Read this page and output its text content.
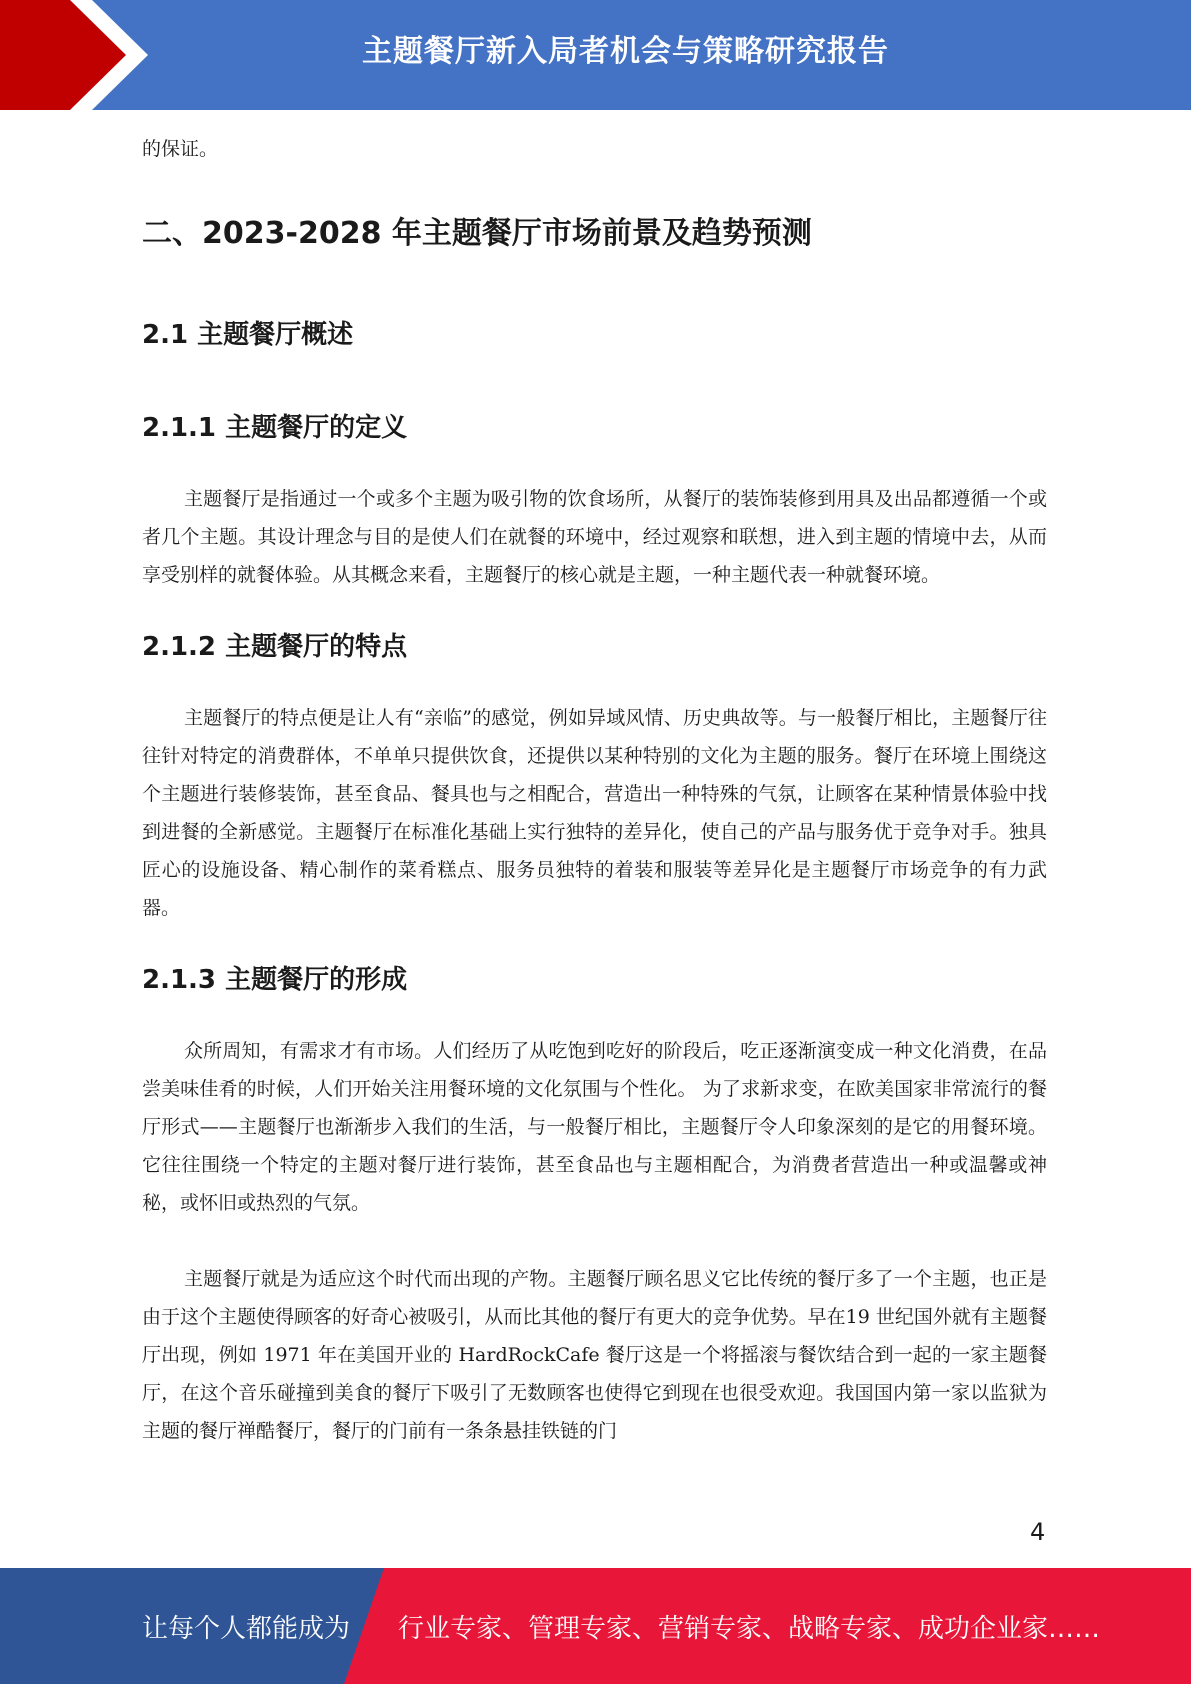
主题餐厅新入局者机会与策略研究报告

的保证。

二、2023-2028 年主题餐厅市场前景及趋势预测
2.1 主题餐厅概述
2.1.1 主题餐厅的定义

主题餐厅是指通过一个或多个主题为吸引物的饮食场所，从餐厅的装饰装修到用具及出品都遵循一个或者几个主题。其设计理念与目的是使人们在就餐的环境中，经过观察和联想，进入到主题的情境中去，从而享受别样的就餐体验。从其概念来看，主题餐厅的核心就是主题，一种主题代表一种就餐环境。

2.1.2 主题餐厅的特点

主题餐厅的特点便是让人有“亲临”的感觉，例如异域风情、历史典故等。与一般餐厅相比，主题餐厅往往针对特定的消费群体，不单单只提供饮食，还提供以某种特别的文化为主题的服务。餐厅在环境上围绕这个主题进行装修装饰，甚至食品、餐具也与之相配合，营造出一种特殊的气氛，让顾客在某种情景体验中找到进餐的全新感觉。主题餐厅在标准化基础上实行独特的差异化，使自己的产品与服务优于竞争对手。独具匠心的设施设备、精心制作的菜肴糕点、服务员独特的着装和服装等差异化是主题餐厅市场竞争的有力武器。

2.1.3 主题餐厅的形成

众所周知，有需求才有市场。人们经历了从吃饱到吃好的阶段后，吃正逐渐演变成一种文化消费，在品尝美味佳肴的时候，人们开始关注用餐环境的文化氛围与个性化。 为了求新求变，在欧美国家非常流行的餐厅形式——主题餐厅也渐渐步入我们的生活，与一般餐厅相比，主题餐厅令人印象深刻的是它的用餐环境。它往往围绕一个特定的主题对餐厅进行装饰，甚至食品也与主题相配合，为消费者营造出一种或温馨或神秘，或怀旧或热烈的气氛。

主题餐厅就是为适应这个时代而出现的产物。主题餐厅顾名思义它比传统的餐厅多了一个主题，也正是由于这个主题使得顾客的好奇心被吸引，从而比其他的餐厅有更大的竞争优势。早在19 世纪国外就有主题餐厅出现，例如 1971 年在美国开业的 HardRockCafe 餐厅这是一个将摇滚与餐饮结合到一起的一家主题餐厅，在这个音乐碰撞到美食的餐厅下吸引了无数顾客也使得它到现在也很受欢迎。我国国内第一家以监狱为主题的餐厅禅酷餐厅，餐厅的门前有一条条悬挂铁链的门

4
让每个人都能成为 行业专家、管理专家、营销专家、战略专家、成功企业家……
